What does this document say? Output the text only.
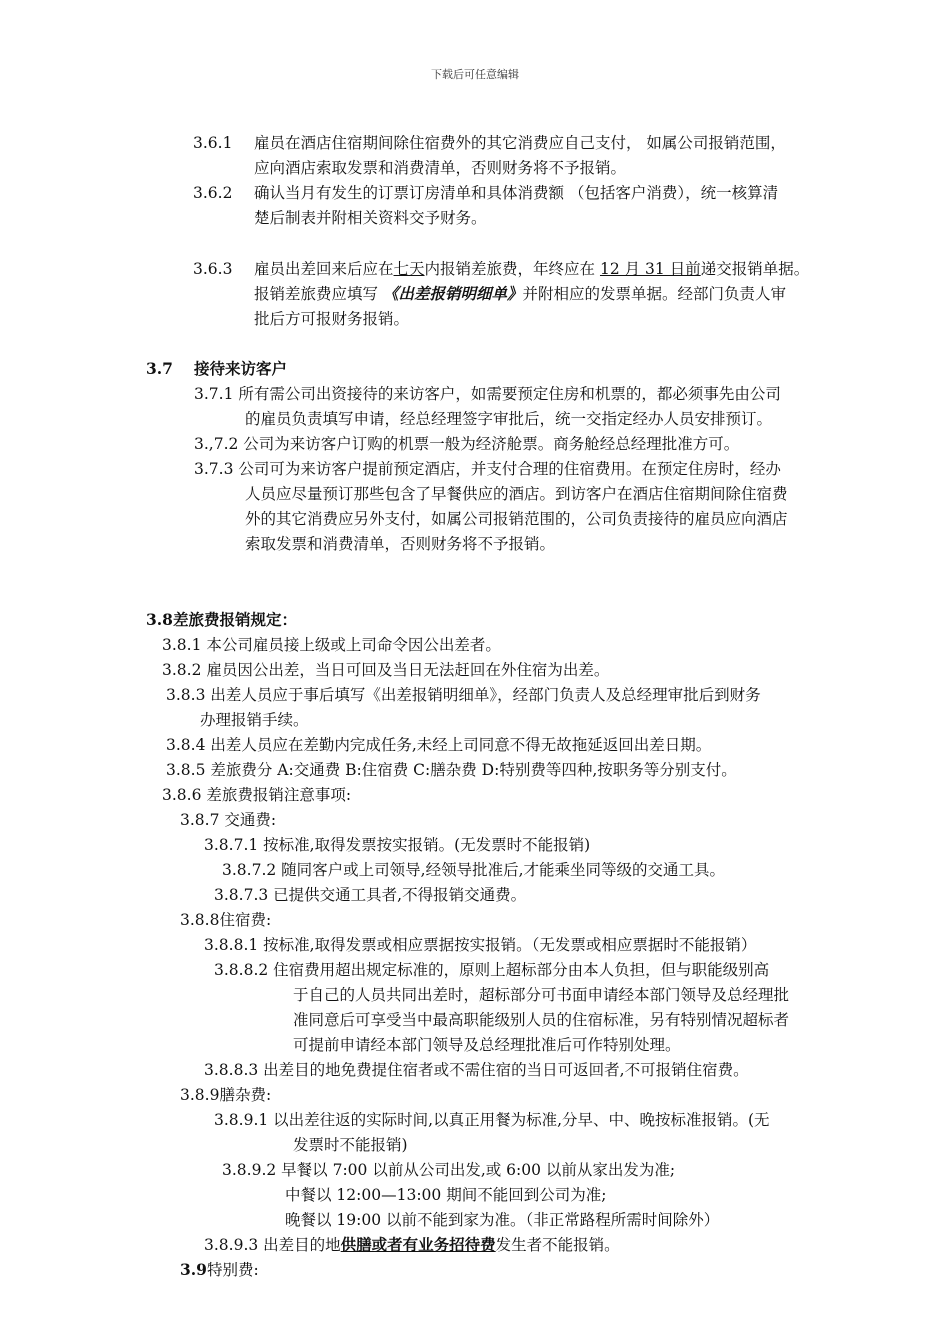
下载后可任意编辑
3.6.1 雇员在酒店住宿期间除住宿费外的其它消费应自己支付， 如属公司报销范围，
应向酒店索取发票和消费清单，否则财务将不予报销。
3.6.2 确认当月有发生的订票订房清单和具体消费额 （包括客户消费），统一核算清
楚后制表并附相关资料交予财务。
3.6.3 雇员出差回来后应在七天内报销差旅费，年终应在 12 月 31 日前递交报销单据。
报销差旅费应填写 《出差报销明细单》并附相应的发票单据。经部门负责人审
批后方可报财务报销。
3.7 接待来访客户
3.7.1 所有需公司出资接待的来访客户，如需要预定住房和机票的，都必须事先由公司
的雇员负责填写申请，经总经理签字审批后，统一交指定经办人员安排预订。
3.,7.2 公司为来访客户订购的机票一般为经济舱票。商务舱经总经理批准方可。
3.7.3 公司可为来访客户提前预定酒店，并支付合理的住宿费用。在预定住房时，经办
人员应尽量预订那些包含了早餐供应的酒店。到访客户在酒店住宿期间除住宿费
外的其它消费应另外支付，如属公司报销范围的，公司负责接待的雇员应向酒店
索取发票和消费清单，否则财务将不予报销。
3.8差旅费报销规定：
3.8.1 本公司雇员接上级或上司命令因公出差者。
3.8.2 雇员因公出差，当日可回及当日无法赶回在外住宿为出差。
3.8.3 出差人员应于事后填写《出差报销明细单》，经部门负责人及总经理审批后到财务
办理报销手续。
3.8.4 出差人员应在差勤内完成任务,未经上司同意不得无故拖延返回出差日期。
3.8.5 差旅费分 A:交通费 B:住宿费 C:膳杂费 D:特别费等四种,按职务等分别支付。
3.8.6 差旅费报销注意事项:
3.8.7 交通费:
3.8.7.1 按标准,取得发票按实报销。(无发票时不能报销)
3.8.7.2 随同客户或上司领导,经领导批准后,才能乘坐同等级的交通工具。
3.8.7.3 已提供交通工具者,不得报销交通费。
3.8.8住宿费:
3.8.8.1 按标准,取得发票或相应票据按实报销。（无发票或相应票据时不能报销）
3.8.8.2 住宿费用超出规定标准的，原则上超标部分由本人负担，但与职能级别高
于自己的人员共同出差时，超标部分可书面申请经本部门领导及总经理批
准同意后可享受当中最高职能级别人员的住宿标准，另有特别情况超标者
可提前申请经本部门领导及总经理批准后可作特别处理。
3.8.8.3 出差目的地免费提住宿者或不需住宿的当日可返回者,不可报销住宿费。
3.8.9膳杂费:
3.8.9.1 以出差往返的实际时间,以真正用餐为标准,分早、中、晚按标准报销。(无
发票时不能报销)
3.8.9.2 早餐以 7:00 以前从公司出发,或 6:00 以前从家出发为准;
中餐以 12:00—13:00 期间不能回到公司为准;
晚餐以 19:00 以前不能到家为准。（非正常路程所需时间除外）
3.8.9.3 出差目的地供膳或者有业务招待费发生者不能报销。
3.9特别费:
